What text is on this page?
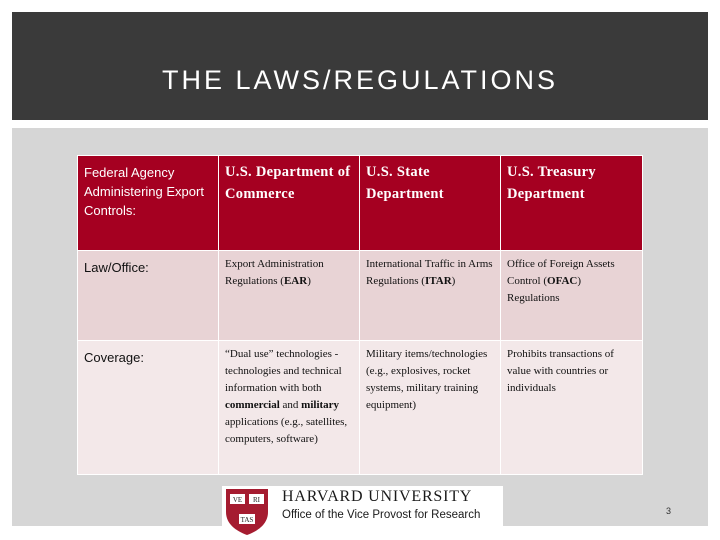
THE LAWS/REGULATIONS
Federal Agency Administering Export Controls:	U.S. Department of Commerce	U.S. State Department	U.S. Treasury Department
Law/Office:	Export Administration Regulations (EAR)	International Traffic in Arms Regulations (ITAR)	Office of Foreign Assets Control (OFAC) Regulations
Coverage:	“Dual use” technologies - technologies and technical information with both commercial and military applications (e.g., satellites, computers, software)	Military items/technologies (e.g., explosives, rocket systems, military training equipment)	Prohibits transactions of value with countries or individuals
VE RI
TAS
HARVARD UNIVERSITY
Office of the Vice Provost for Research	3
